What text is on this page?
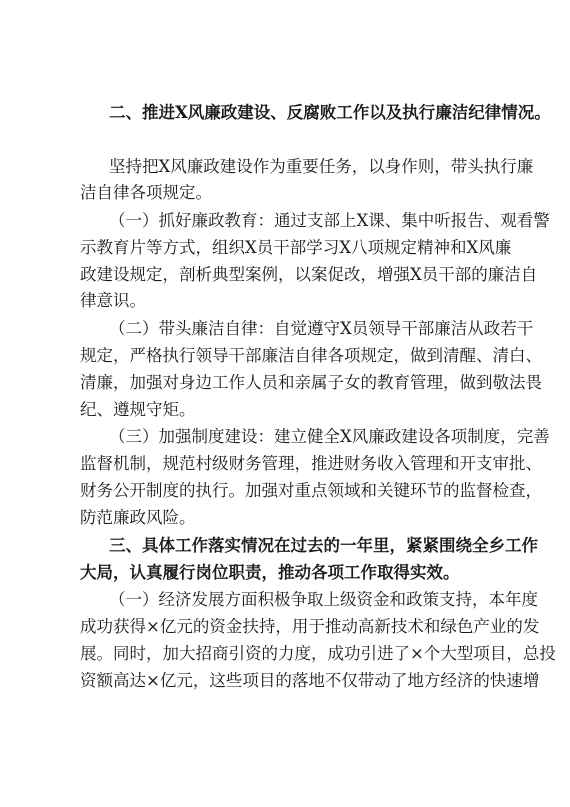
二、推进X风廉政建设、反腐败工作以及执行廉洁纪律情况。
坚持把X风廉政建设作为重要任务，以身作则，带头执行廉
洁自律各项规定。
（一）抓好廉政教育：通过支部上X课、集中听报告、观看警
示教育片等方式，组织X员干部学习X八项规定精神和X风廉
政建设规定，剖析典型案例，以案促改，增强X员干部的廉洁自
律意识。
（二）带头廉洁自律：自觉遵守X员领导干部廉洁从政若干
规定，严格执行领导干部廉洁自律各项规定，做到清醒、清白、
清廉，加强对身边工作人员和亲属子女的教育管理，做到敬法畏
纪、遵规守矩。
（三）加强制度建设：建立健全X风廉政建设各项制度，完善
监督机制，规范村级财务管理，推进财务收入管理和开支审批、
财务公开制度的执行。加强对重点领域和关键环节的监督检查，
防范廉政风险。
三、具体工作落实情况在过去的一年里，紧紧围绕全乡工作
大局，认真履行岗位职责，推动各项工作取得实效。
（一）经济发展方面积极争取上级资金和政策支持，本年度
成功获得×亿元的资金扶持，用于推动高新技术和绿色产业的发
展。同时，加大招商引资的力度，成功引进了×个大型项目，总投
资额高达×亿元，这些项目的落地不仅带动了地方经济的快速增
